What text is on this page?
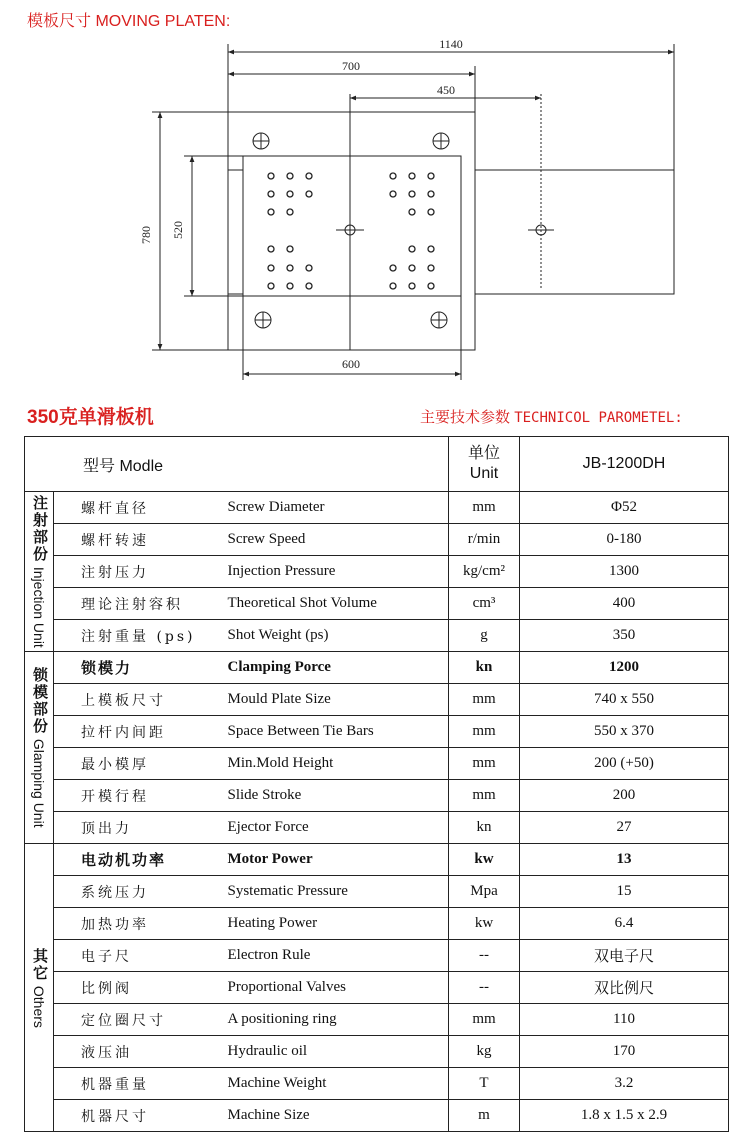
模板尺寸 MOVING PLATEN:
1140
700
450
780 520
600
350克单滑板机	主要技术参数 TECHNICOL PAROMETEL:
型号 Modle			单位
Unit	JB-1200DH

注射部份 Injection Unit	螺杆直径	Screw Diameter	mm	Φ52
	螺杆转速	Screw Speed	r/min	0-180
	注射压力	Injection Pressure	kg/cm²	1300
	理论注射容积	Theoretical Shot Volume	cm³	400
	注射重量 (ps)	Shot Weight (ps)	g	350

锁模部份 Glamping Unit	锁模力	Clamping Porce	kn	1200
	上模板尺寸	Mould Plate Size	mm	740 x 550
	拉杆内间距	Space Between Tie Bars	mm	550 x 370
	最小模厚	Min.Mold Height	mm	200 (+50)
	开模行程	Slide Stroke	mm	200
	顶出力	Ejector Force	kn	27

其它 Others	电动机功率	Motor Power	kw	13
	系统压力	Systematic Pressure	Mpa	15
	加热功率	Heating Power	kw	6.4
	电子尺	Electron Rule	--	双电子尺
	比例阀	Proportional Valves	--	双比例尺
	定位圈尺寸	A positioning ring	mm	110
	液压油	Hydraulic oil	kg	170
	机器重量	Machine Weight	T	3.2
	机器尺寸	Machine Size	m	1.8 x 1.5 x 2.9
